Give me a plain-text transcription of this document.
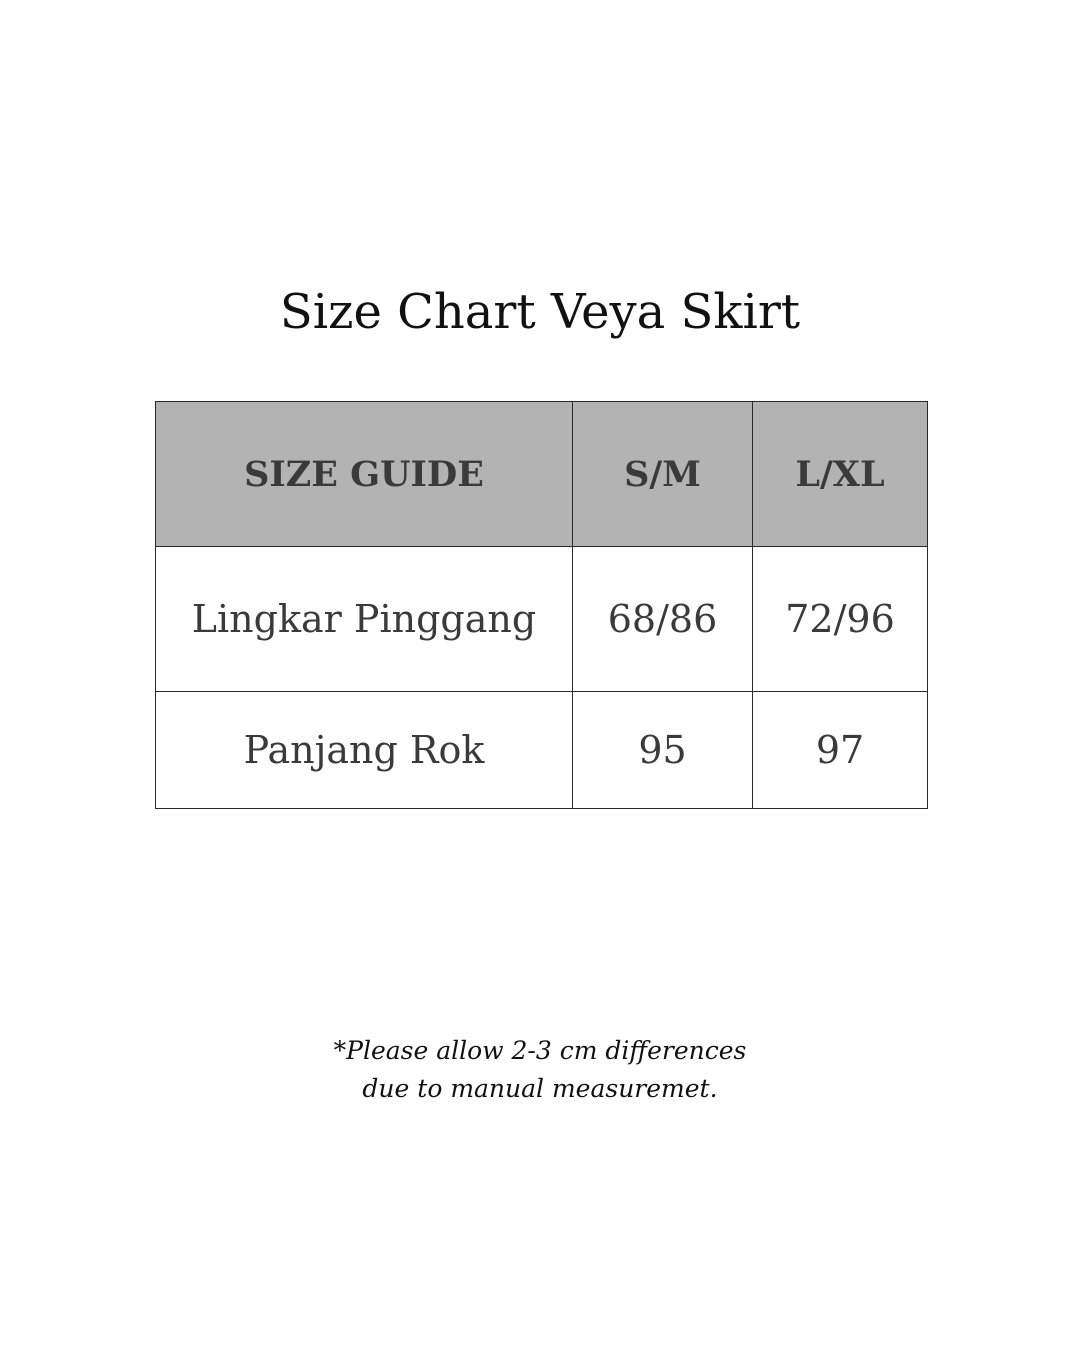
Size Chart Veya Skirt
SIZE GUIDE	S/M	L/XL
Lingkar Pinggang	68/86	72/96
Panjang Rok	95	97
*Please allow 2-3 cm differences
due to manual measuremet.
